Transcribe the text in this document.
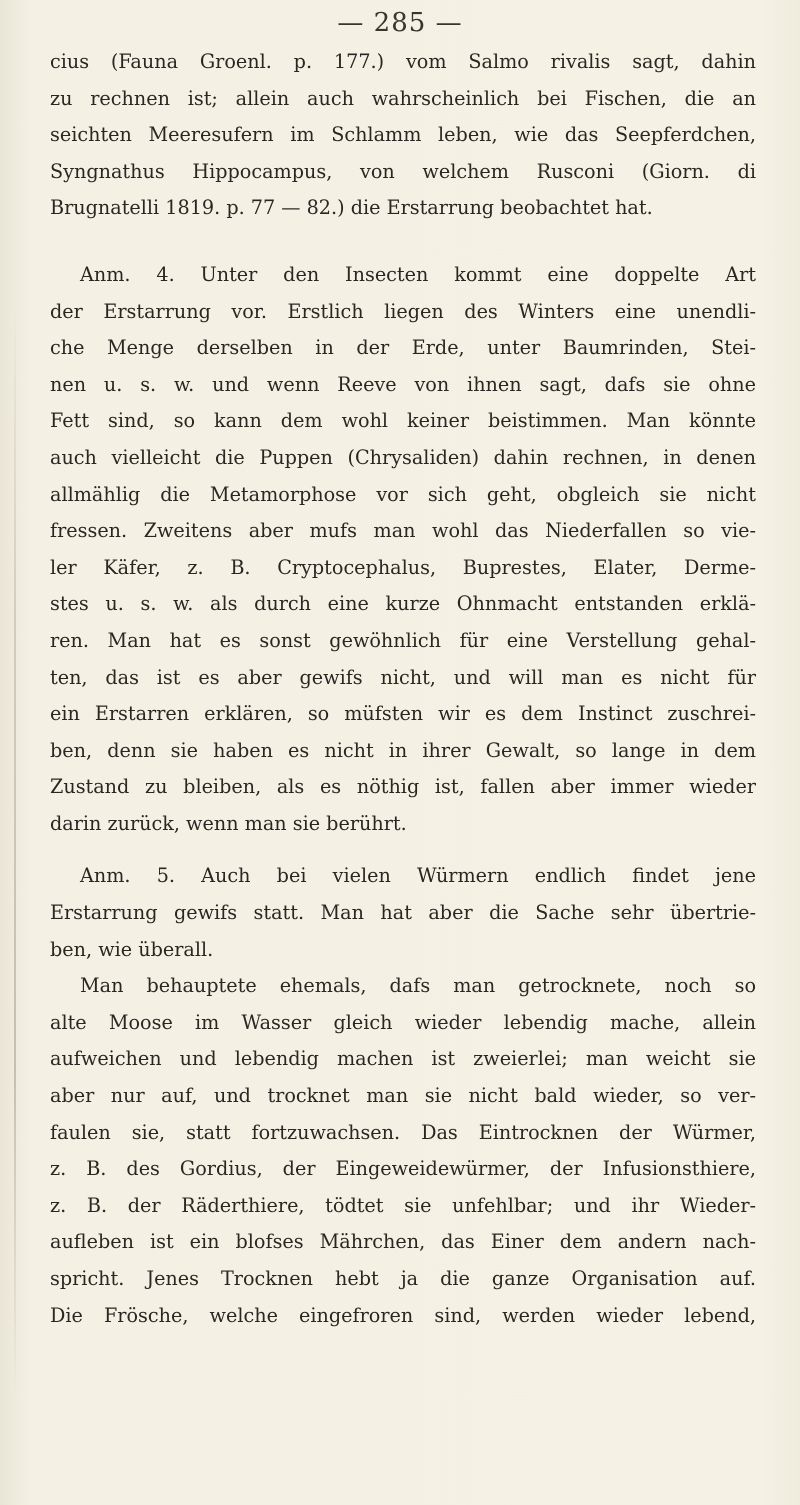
— 285 —
cius (Fauna Groenl. p. 177.) vom Salmo rivalis sagt, dahin
zu rechnen ist; allein auch wahrscheinlich bei Fischen, die an
seichten Meeresufern im Schlamm leben, wie das Seepferdchen,
Syngnathus Hippocampus, von welchem Rusconi (Giorn. di
Brugnatelli 1819. p. 77 — 82.) die Erstarrung beobachtet hat.
Anm. 4. Unter den Insecten kommt eine doppelte Art
der Erstarrung vor. Erstlich liegen des Winters eine unendli-
che Menge derselben in der Erde, unter Baumrinden, Stei-
nen u. s. w. und wenn Reeve von ihnen sagt, dafs sie ohne
Fett sind, so kann dem wohl keiner beistimmen. Man könnte
auch vielleicht die Puppen (Chrysaliden) dahin rechnen, in denen
allmählig die Metamorphose vor sich geht, obgleich sie nicht
fressen. Zweitens aber mufs man wohl das Niederfallen so vie-
ler Käfer, z. B. Cryptocephalus, Buprestes, Elater, Derme-
stes u. s. w. als durch eine kurze Ohnmacht entstanden erklä-
ren. Man hat es sonst gewöhnlich für eine Verstellung gehal-
ten, das ist es aber gewifs nicht, und will man es nicht für
ein Erstarren erklären, so müfsten wir es dem Instinct zuschrei-
ben, denn sie haben es nicht in ihrer Gewalt, so lange in dem
Zustand zu bleiben, als es nöthig ist, fallen aber immer wieder
darin zurück, wenn man sie berührt.
Anm. 5. Auch bei vielen Würmern endlich findet jene
Erstarrung gewifs statt. Man hat aber die Sache sehr übertrie-
ben, wie überall.
Man behauptete ehemals, dafs man getrocknete, noch so
alte Moose im Wasser gleich wieder lebendig mache, allein
aufweichen und lebendig machen ist zweierlei; man weicht sie
aber nur auf, und trocknet man sie nicht bald wieder, so ver-
faulen sie, statt fortzuwachsen. Das Eintrocknen der Würmer,
z. B. des Gordius, der Eingeweidewürmer, der Infusionsthiere,
z. B. der Räderthiere, tödtet sie unfehlbar; und ihr Wieder-
aufleben ist ein blofses Mährchen, das Einer dem andern nach-
spricht. Jenes Trocknen hebt ja die ganze Organisation auf.
Die Frösche, welche eingefroren sind, werden wieder lebend,
